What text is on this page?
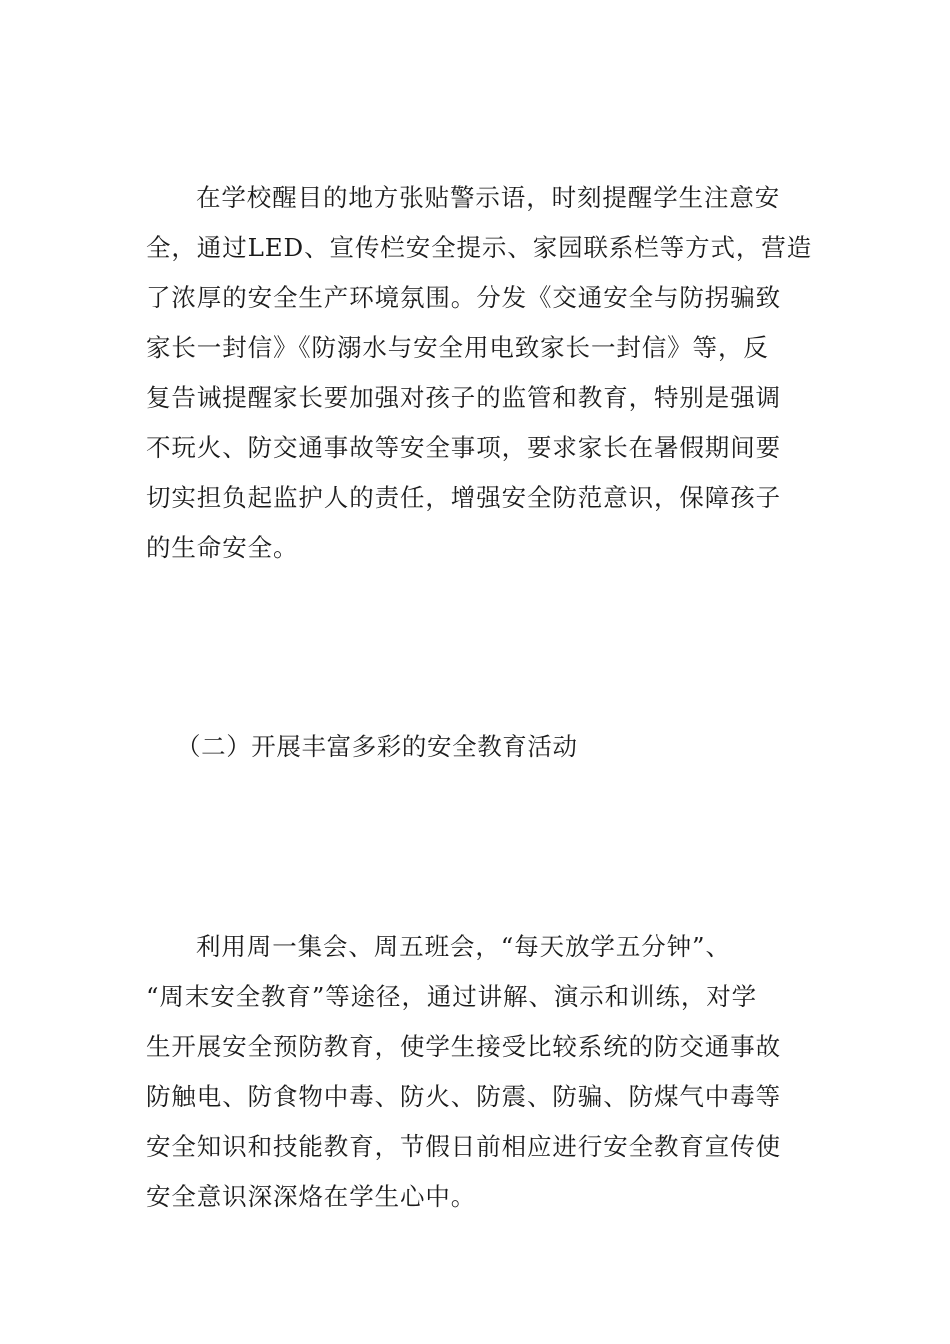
在学校醒目的地方张贴警示语，时刻提醒学生注意安
全，通过LED、宣传栏安全提示、家园联系栏等方式，营造
了浓厚的安全生产环境氛围。分发《交通安全与防拐骗致
家长一封信》《防溺水与安全用电致家长一封信》等，反
复告诫提醒家长要加强对孩子的监管和教育，特别是强调
不玩火、防交通事故等安全事项，要求家长在暑假期间要
切实担负起监护人的责任，增强安全防范意识，保障孩子
的生命安全。
（二）开展丰富多彩的安全教育活动
利用周一集会、周五班会，“每天放学五分钟”、
“周末安全教育”等途径，通过讲解、演示和训练，对学
生开展安全预防教育，使学生接受比较系统的防交通事故
防触电、防食物中毒、防火、防震、防骗、防煤气中毒等
安全知识和技能教育，节假日前相应进行安全教育宣传使
安全意识深深烙在学生心中。
